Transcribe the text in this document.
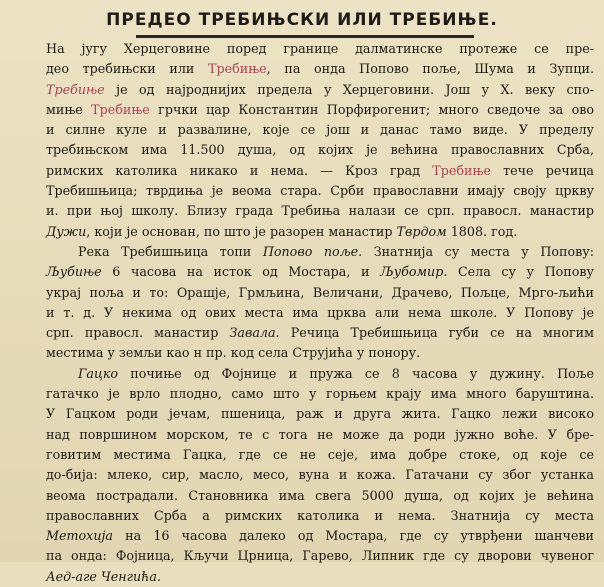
ПРЕДЕО ТРЕБИЊСКИ ИЛИ ТРЕБИЊЕ.
На југу Херцеговине поред границе далматинске протеже се пре-
део требињски или Требиње, па онда Попово поље, Шума и Зупци.
Требиње је од најроднијих предела у Херцеговини. Још у X. веку спо-
миње Требиње грчки цар Константин Порфирогенит; много сведоче за ово
и силне куле и развалине, које се још и данас тамо виде. У пределу
требињском има 11.500 душа, од којих је већина православних Срба,
римских католика никако и нема. — Кроз град Требиње тече речица
Требишњица; тврдиња је веома стара. Срби православни имају своју цркву
и. при њој школу. Близу града Требиња налази се срп. правосл. манастир
Дужи, који је основан, по што је разорен манастир Тврдом 1808. год.
Река Требишњица топи Попово поље. Знатнија су места у Попову:
Љубиње 6 часова на исток од Мостара, и Љубомир. Села су у Попову
украј поља и то: Орашје, Грмљина, Величани, Драчево, Пољце, Мрго-љићи
и т. д. У некима од ових места има црква али нема школе. У Попову је
срп. правосл. манастир Завала. Речица Требишњица губи се на многим
местима у земљи као н пр. код села Струјића у понору.
Гацко почиње од Фојнице и пружа се 8 часова у дужину. Поље
гатачко је врло плодно, само што у горњем крају има много баруштина.
У Гацком роди јечам, пшеница, раж и друга жита. Гацко лежи високо
над површином морском, те с тога не може да роди јужно воће. У бре-
говитим местима Гацка, где се не сеје, има добре стоке, од које се
до-бија: млеко, сир, масло, месо, вуна и кожа. Гатачани су због устанка
веома пострадали. Становника има свега 5000 душа, од којих је већина
православних Срба a римских католика и нема. Знатнија су места
Метохија на 16 часова далеко од Мостара, где су утврђени шанчеви
па онда: Фојница, Кључи Црница, Гарево, Липник где су дворови чувеног
Аед-аге Ченгића.
